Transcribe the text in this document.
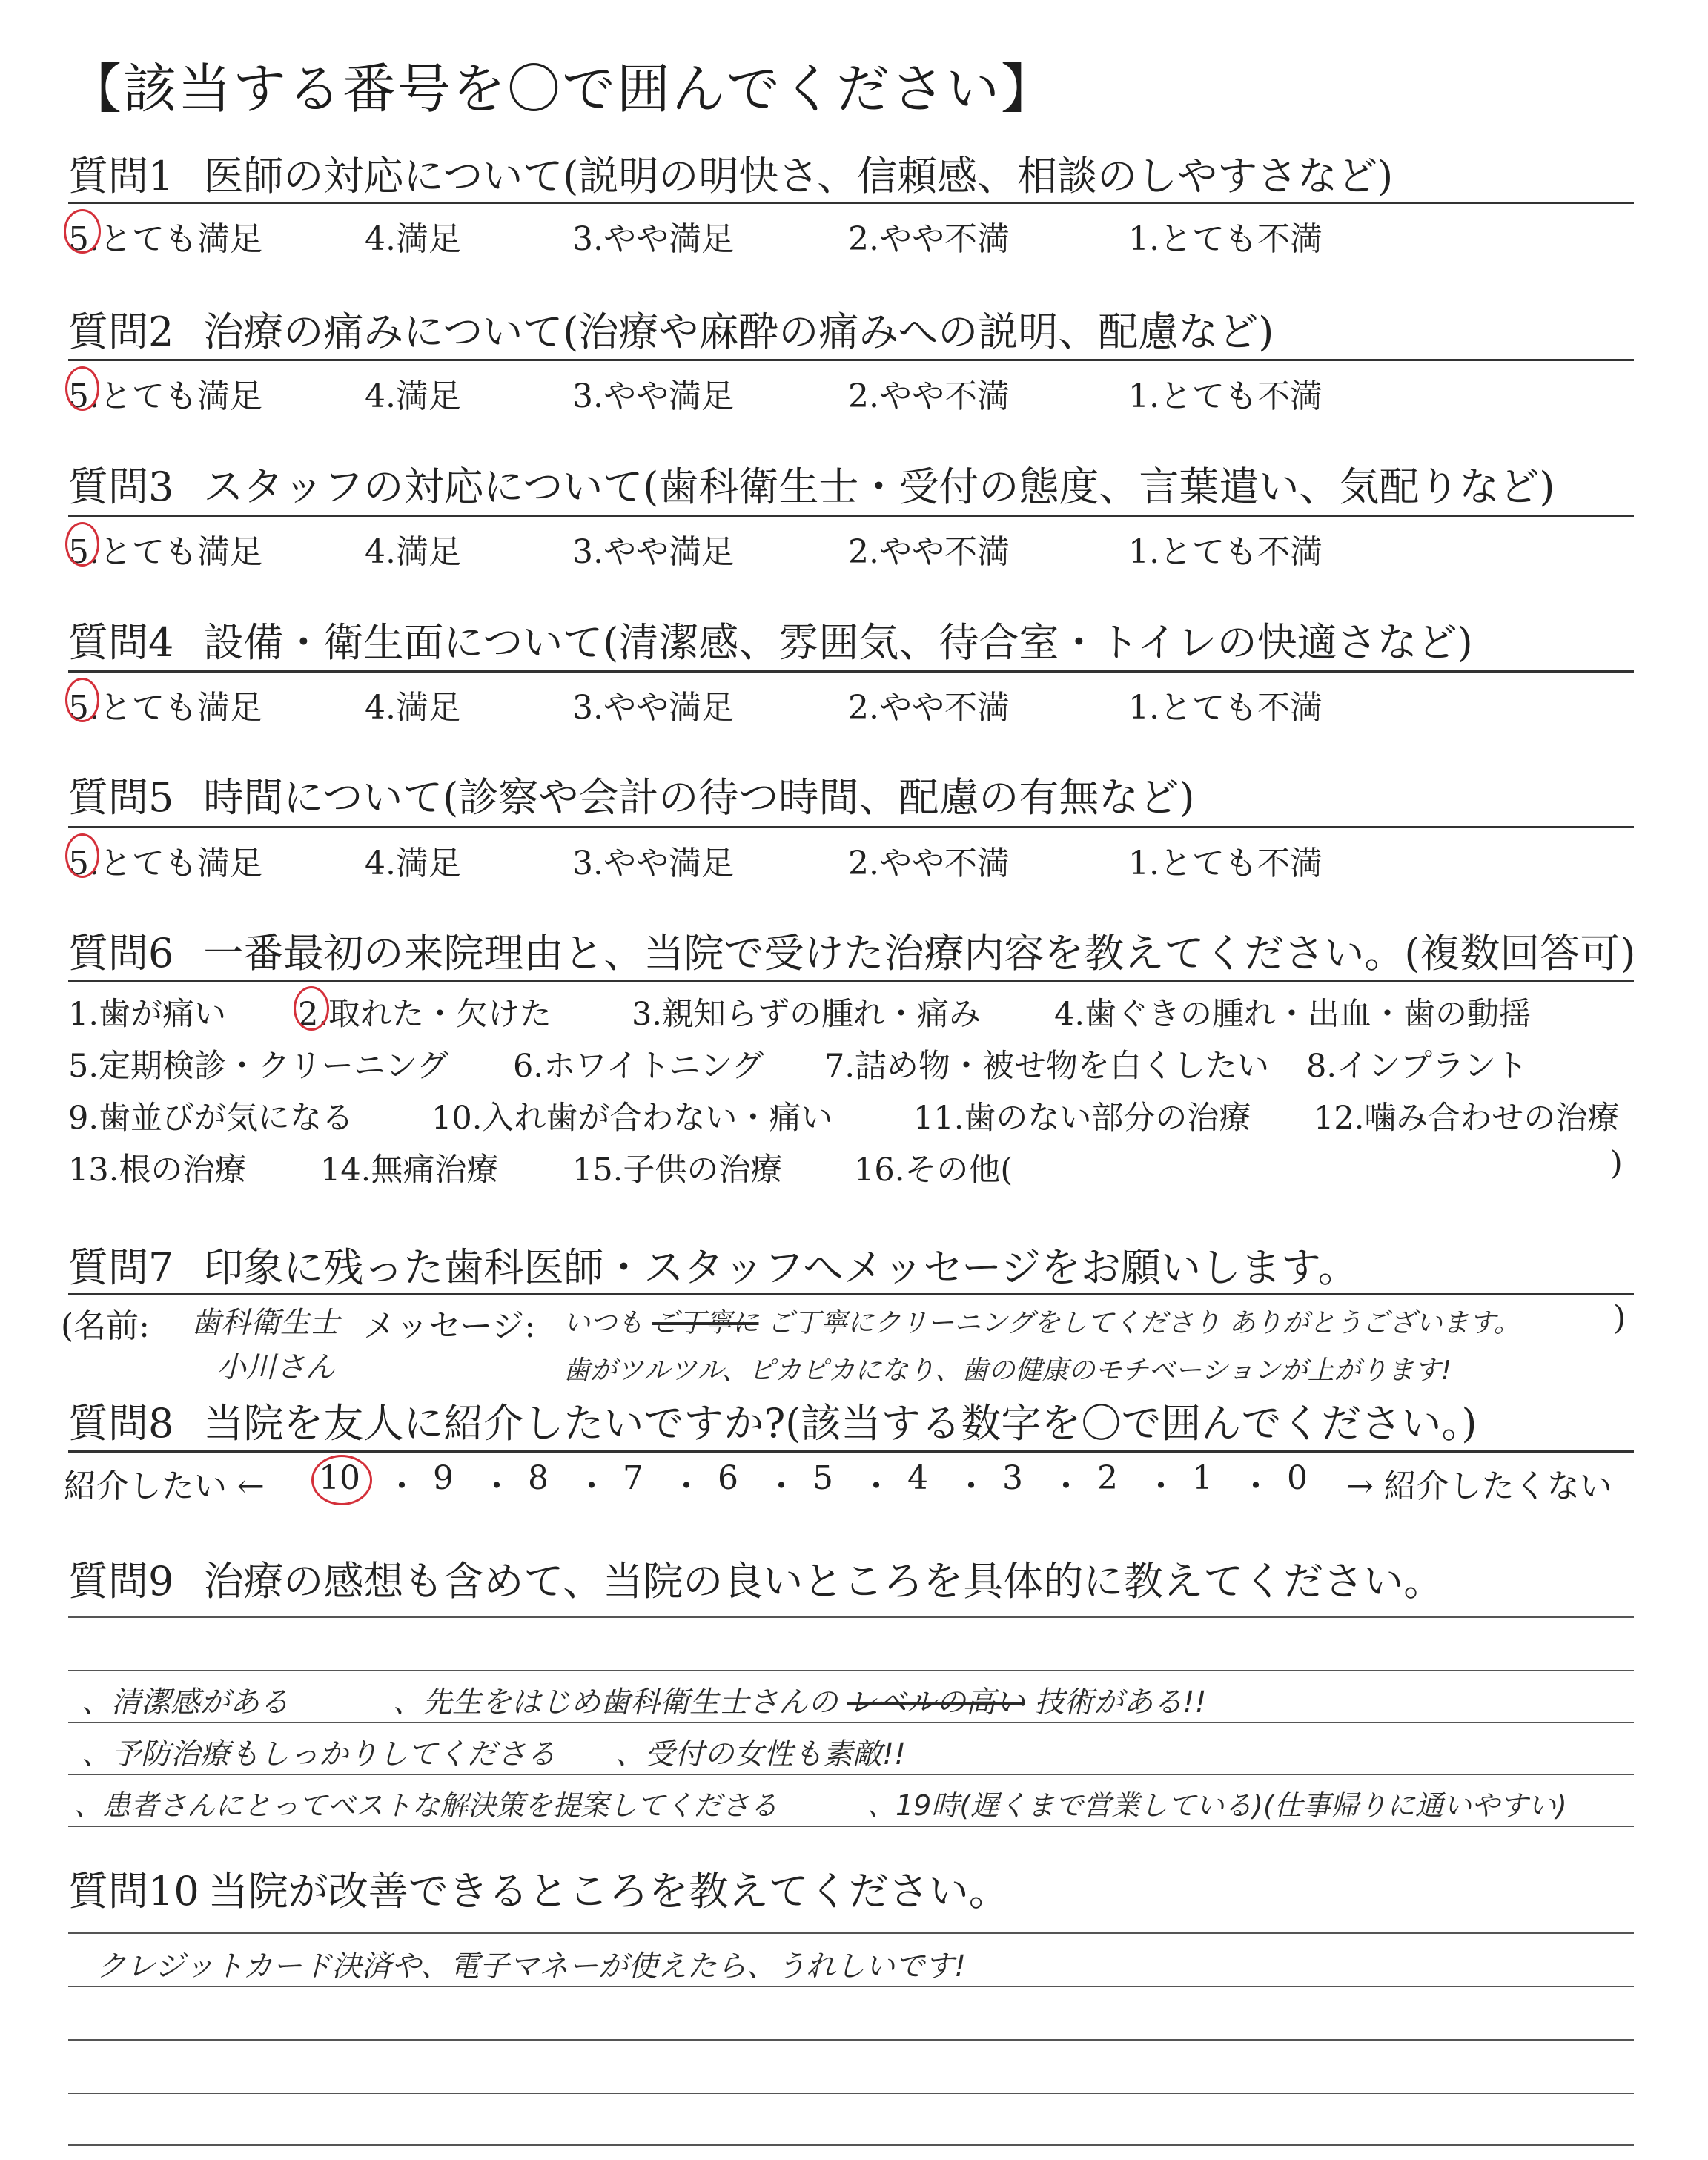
【該当する番号を〇で囲んでください】
質問1 医師の対応について(説明の明快さ、信頼感、相談のしやすさなど)
5.とても満足	4.満足	3.やや満足	2.やや不満	1.とても不満
質問2 治療の痛みについて(治療や麻酔の痛みへの説明、配慮など)
5.とても満足	4.満足	3.やや満足	2.やや不満	1.とても不満
質問3 スタッフの対応について(歯科衛生士・受付の態度、言葉遣い、気配りなど)
5.とても満足	4.満足	3.やや満足	2.やや不満	1.とても不満
質問4 設備・衛生面について(清潔感、雰囲気、待合室・トイレの快適さなど)
5.とても満足	4.満足	3.やや満足	2.やや不満	1.とても不満
質問5 時間について(診察や会計の待つ時間、配慮の有無など)
5.とても満足	4.満足	3.やや満足	2.やや不満	1.とても不満
質問6 一番最初の来院理由と、当院で受けた治療内容を教えてください。(複数回答可)
1.歯が痛い 2.取れた・欠けた	3.親知らずの腫れ・痛み 4.歯ぐきの腫れ・出血・歯の動揺
5.定期検診・クリーニング 6.ホワイトニング 7.詰め物・被せ物を白くしたい 8.インプラント
9.歯並びが気になる 10.入れ歯が合わない・痛い	11.歯のない部分の治療 12.噛み合わせの治療
13.根の治療 14.無痛治療 15.子供の治療 16.その他(	)
質問7 印象に残った歯科医師・スタッフへメッセージをお願いします。
(名前: 歯科衛生士
小川さん
メッセージ: いつも ご丁寧に ご丁寧にクリーニングをしてくださり ありがとうございます。
歯がツルツル、ピカピカになり、歯の健康のモチベーションが上がります!
)
質問8 当院を友人に紹介したいですか?(該当する数字を〇で囲んでください。)
紹介したい ← 10 ・ 9 ・ 8 ・ 7 ・ 6 ・ 5 ・ 4 ・ 3 ・ 2 ・ 1 ・ 0 → 紹介したくない
質問9 治療の感想も含めて、当院の良いところを具体的に教えてください。
、清潔感がある	、先生をはじめ歯科衛生士さんの レベルの高い 技術がある!!
、予防治療もしっかりしてくださる 、受付の女性も素敵!!
、患者さんにとってベストな解決策を提案してくださる	、19時(遅くまで営業している)(仕事帰りに通いやすい)
質問10 当院が改善できるところを教えてください。
クレジットカード決済や、電子マネーが使えたら、うれしいです!
